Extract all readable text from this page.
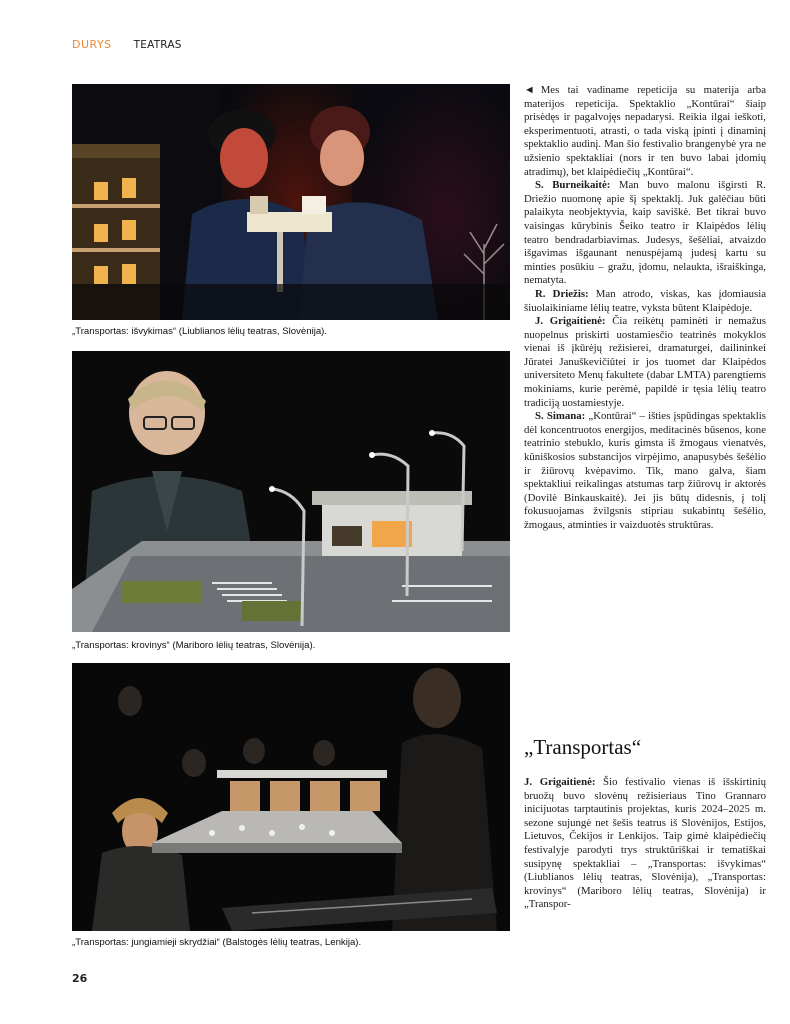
DURYS TEATRAS
„Transportas: išvykimas“ (Liublianos lėlių teatras, Slovėnija).
„Transportas: krovinys“ (Mariboro lėlių teatras, Slovėnija).
„Transportas: jungiamieji skrydžiai“ (Balstogės lėlių teatras, Lenkija).
◄ Mes tai vadiname repeticija su materija arba materijos repeticija. Spektaklio „Kontūrai“ šiaip prisėdęs ir pagalvojęs nepadarysi. Reikia ilgai ieškoti, eksperimentuoti, atrasti, o tada viską įpinti į dinaminį spektaklio audinį. Man šio festivalio brangenybė yra ne užsienio spektakliai (nors ir ten buvo labai įdomių atradimų), bet klaipėdiečių „Kontūrai“.
S. Burneikaitė: Man buvo malonu išgirsti R. Driežio nuomonę apie šį spektaklį. Juk galėčiau būti palaikyta neobjektyvia, kaip saviškė. Bet tikrai buvo vaisingas kūrybinis Šeiko teatro ir Klaipėdos lėlių teatro bendradarbiavimas. Judesys, šešėliai, atvaizdo išgavimas išgaunant nenuspėjamą judesį kartu su minties posūkiu – gražu, įdomu, nelaukta, išraiškinga, nematyta.
R. Driežis: Man atrodo, viskas, kas įdomiausia šiuolaikiniame lėlių teatre, vyksta būtent Klaipėdoje.
J. Grigaitienė: Čia reikėtų paminėti ir nemažus nuopelnus priskirti uostamiesčio teatrinės mokyklos vienai iš įkūrėjų režisierei, dramaturgei, dailininkei Jūratei Januškevičiūtei ir jos tuomet dar Klaipėdos universiteto Menų fakultete (dabar LMTA) parengtiems mokiniams, kurie perėmė, papildė ir tęsia lėlių teatro tradiciją uostamiestyje.
S. Simana: „Kontūrai“ – išties įspūdingas spektaklis dėl koncentruotos energijos, meditacinės būsenos, kone teatrinio stebuklo, kuris gimsta iš žmogaus vienatvės, kūniškosios substancijos virpėjimo, anapusybės šešėlio ir žiūrovų kvėpavimo. Tik, mano galva, šiam spektakliui reikalingas atstumas tarp žiūrovų ir aktorės (Dovilė Binkauskaitė). Jei jis būtų didesnis, į tolį fokusuojamas žvilgsnis stipriau sukabintų šešėlio, žmogaus, atminties ir vaizduotės struktūras.
„Transportas“
J. Grigaitienė: Šio festivalio vienas iš išskirtinių bruožų buvo slovėnų režisieriaus Tino Grannaro inicijuotas tarptautinis projektas, kuris 2024–2025 m. sezone sujungė net šešis teatrus iš Slovėnijos, Estijos, Lietuvos, Čekijos ir Lenkijos. Taip gimė klaipėdiečių festivalyje parodyti trys struktūriškai ir tematiškai susipynę spektakliai – „Transportas: išvykimas“ (Liublianos lėlių teatras, Slovėnija), „Transportas: krovinys“ (Mariboro lėlių teatras, Slovėnija) ir „Transpor-
26
